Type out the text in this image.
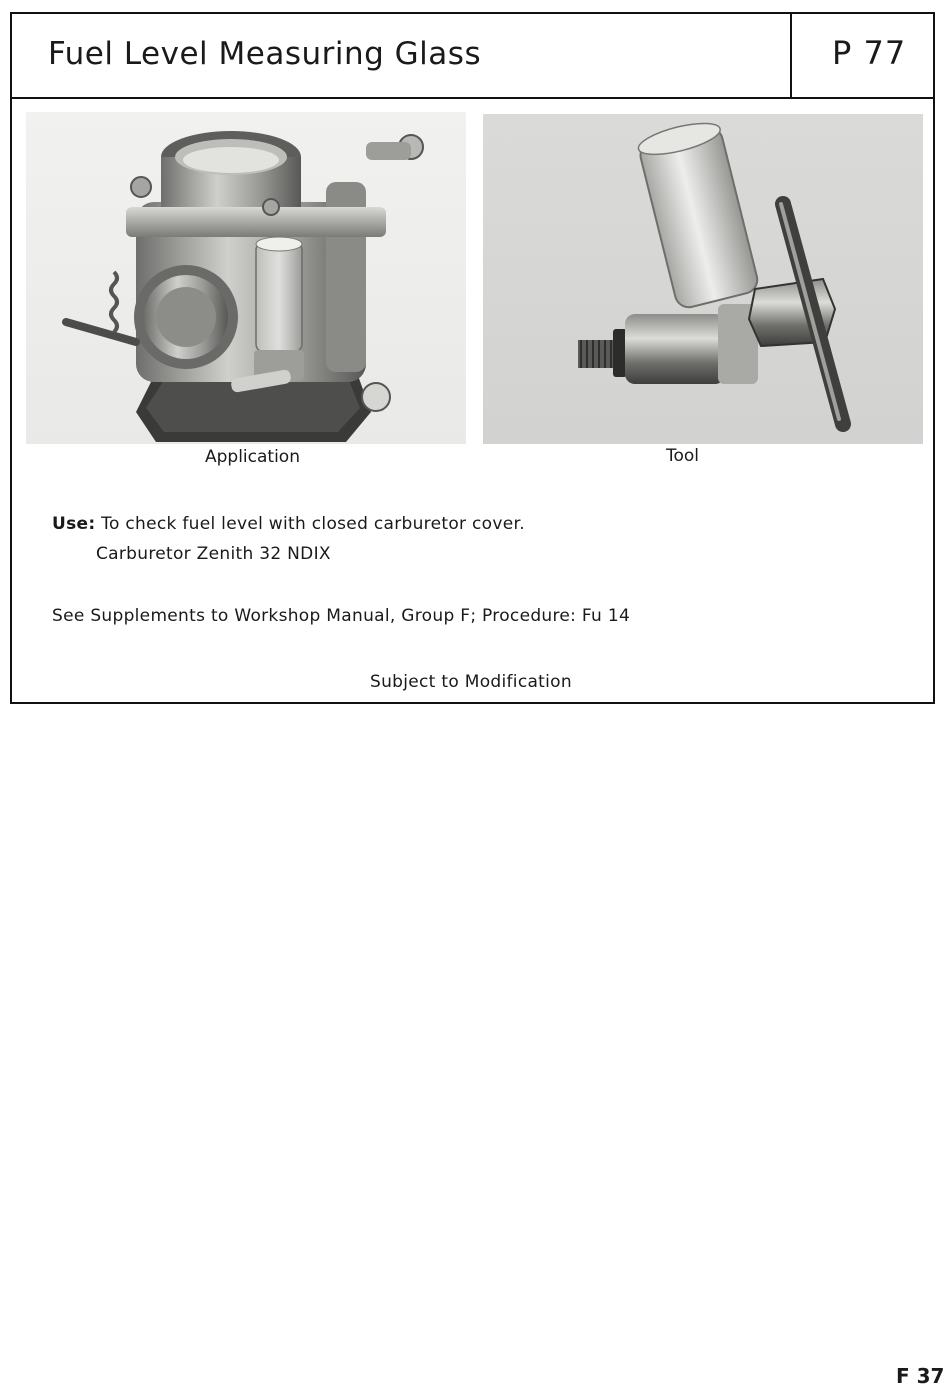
Fuel Level Measuring Glass	P 77
Application	Tool
Use: To check fuel level with closed carburetor cover.
Carburetor Zenith 32 NDIX
See Supplements to Workshop Manual, Group F; Procedure: Fu 14
Subject to Modification
F 37
